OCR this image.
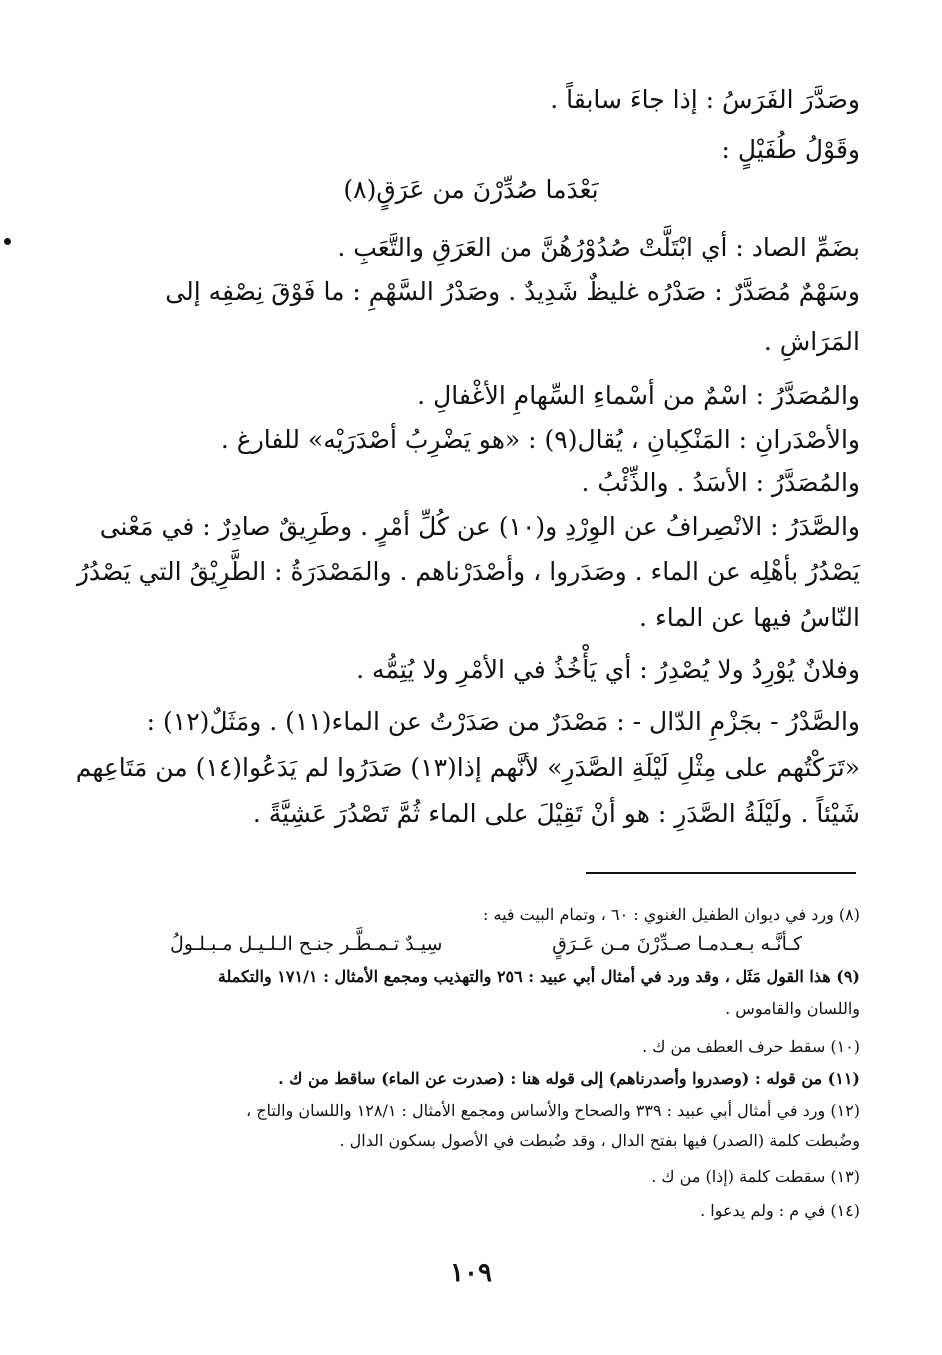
وصَدَّرَ الفَرَسُ : إذا جاءَ سابقاً .
وقَوْلُ طُفَيْلٍ :
بَعْدَما صُدِّرْنَ من عَرَقٍ(٨)
بضَمِّ الصاد : أي ابْتَلَّتْ صُدُوْرُهُنَّ من العَرَقِ والتَّعَبِ .
وسَهْمٌ مُصَدَّرٌ : صَدْرُه غليظٌ شَدِيدٌ . وصَدْرُ السَّهْمِ : ما فَوْقَ نِصْفِه إلى
المَرَاشِ .
والمُصَدَّرُ : اسْمٌ من أسْماءِ السِّهامِ الأغْفالِ .
والأصْدَرانِ : المَنْكِبانِ ، يُقال(٩) : «هو يَضْرِبُ أصْدَرَيْه» للفارغ .
والمُصَدَّرُ : الأسَدُ . والذِّئْبُ .
والصَّدَرُ : الانْصِرافُ عن الوِرْدِ و(١٠) عن كُلِّ أمْرٍ . وطَرِيقٌ صادِرٌ : في مَعْنى
يَصْدُرُ بأهْلِه عن الماء . وصَدَروا ، وأصْدَرْناهم . والمَصْدَرَةُ : الطَّرِيْقُ التي يَصْدُرُ
النّاسُ فيها عن الماء .
وفلانٌ يُوْرِدُ ولا يُصْدِرُ : أي يَأْخُذُ في الأمْرِ ولا يُتِمُّه .
والصَّدْرُ - بجَزْمِ الدّال - : مَصْدَرٌ من صَدَرْتُ عن الماء(١١) . ومَثَلٌ(١٢) :
«تَرَكْتُهم على مِثْلِ لَيْلَةِ الصَّدَرِ» لأنَّهم إذا(١٣) صَدَرُوا لم يَدَعُوا(١٤) من مَتَاعِهم
شَيْئاً . ولَيْلَةُ الصَّدَرِ : هو أنْ تَقِيْلَ على الماء ثُمَّ تَصْدُرَ عَشِيَّةً .
(٨) ورد في ديوان الطفيل الغنوي : ٦٠ ، وتمام البيت فيه :
كـأنَّـه بـعـدمـا صـدِّرْنَ مـن عَـرَقٍ
سِيـدٌ تـمـطَّـر جنـح الـلـيـل مـبـلـولُ
(٩) هذا القول مَثَل ، وقد ورد في أمثال أبي عبيد : ٢٥٦ والتهذيب ومجمع الأمثال : ١٧١/١ والتكملة
واللسان والقاموس .
(١٠) سقط حرف العطف من ك .
(١١) من قوله : (وصدروا وأصدرناهم) إلى قوله هنا : (صدرت عن الماء) ساقط من ك .
(١٢) ورد في أمثال أبي عبيد : ٣٣٩ والصحاح والأساس ومجمع الأمثال : ١٢٨/١ واللسان والتاج ،
وضُبطت كلمة (الصدر) فيها بفتح الدال ، وقد ضُبطت في الأصول بسكون الدال .
(١٣) سقطت كلمة (إذا) من ك .
(١٤) في م : ولم يدعوا .
١٠٩
